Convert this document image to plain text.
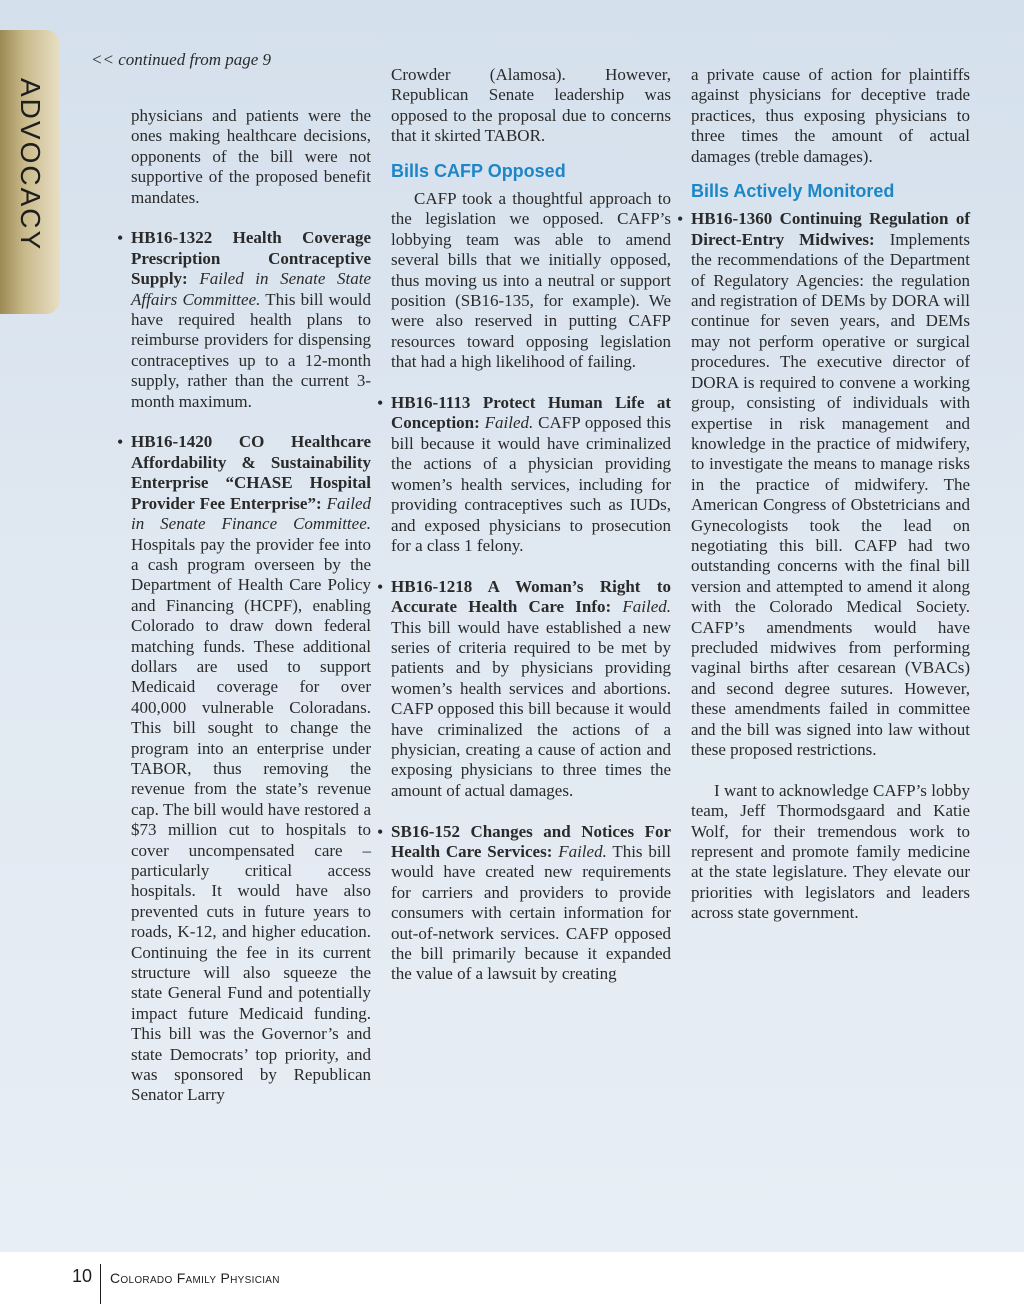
ADVOCACY
<< continued from page 9

physicians and patients were the ones making healthcare decisions, opponents of the bill were not supportive of the proposed benefit mandates.

• HB16-1322 Health Coverage Prescription Contraceptive Supply: Failed in Senate State Affairs Committee. This bill would have required health plans to reimburse providers for dispensing contraceptives up to a 12-month supply, rather than the current 3-month maximum.

• HB16-1420 CO Healthcare Affordability & Sustainability Enterprise “CHASE Hospital Provider Fee Enterprise”: Failed in Senate Finance Committee. Hospitals pay the provider fee into a cash program overseen by the Department of Health Care Policy and Financing (HCPF), enabling Colorado to draw down federal matching funds. These additional dollars are used to support Medicaid coverage for over 400,000 vulnerable Coloradans. This bill sought to change the program into an enterprise under TABOR, thus removing the revenue from the state’s revenue cap. The bill would have restored a $73 million cut to hospitals to cover uncompensated care – particularly critical access hospitals. It would have also prevented cuts in future years to roads, K-12, and higher education. Continuing the fee in its current structure will also squeeze the state General Fund and potentially impact future Medicaid funding. This bill was the Governor’s and state Democrats’ top priority, and was sponsored by Republican Senator Larry

Crowder (Alamosa). However, Republican Senate leadership was opposed to the proposal due to concerns that it skirted TABOR.

Bills CAFP Opposed

CAFP took a thoughtful approach to the legislation we opposed. CAFP’s lobbying team was able to amend several bills that we initially opposed, thus moving us into a neutral or support position (SB16-135, for example). We were also reserved in putting CAFP resources toward opposing legislation that had a high likelihood of failing.

• HB16-1113 Protect Human Life at Conception: Failed. CAFP opposed this bill because it would have criminalized the actions of a physician providing women’s health services, including for providing contraceptives such as IUDs, and exposed physicians to prosecution for a class 1 felony.

• HB16-1218 A Woman’s Right to Accurate Health Care Info: Failed. This bill would have established a new series of criteria required to be met by patients and by physicians providing women’s health services and abortions. CAFP opposed this bill because it would have criminalized the actions of a physician, creating a cause of action and exposing physicians to three times the amount of actual damages.

• SB16-152 Changes and Notices For Health Care Services: Failed. This bill would have created new requirements for carriers and providers to provide consumers with certain information for out-of-network services. CAFP opposed the bill primarily because it expanded the value of a lawsuit by creating

a private cause of action for plaintiffs against physicians for deceptive trade practices, thus exposing physicians to three times the amount of actual damages (treble damages).

Bills Actively Monitored

• HB16-1360 Continuing Regulation of Direct-Entry Midwives: Implements the recommendations of the Department of Regulatory Agencies: the regulation and registration of DEMs by DORA will continue for seven years, and DEMs may not perform operative or surgical procedures. The executive director of DORA is required to convene a working group, consisting of individuals with expertise in risk management and knowledge in the practice of midwifery, to investigate the means to manage risks in the practice of midwifery. The American Congress of Obstetricians and Gynecologists took the lead on negotiating this bill. CAFP had two outstanding concerns with the final bill version and attempted to amend it along with the Colorado Medical Society. CAFP’s amendments would have precluded midwives from performing vaginal births after cesarean (VBACs) and second degree sutures. However, these amendments failed in committee and the bill was signed into law without these proposed restrictions.

I want to acknowledge CAFP’s lobby team, Jeff Thormodsgaard and Katie Wolf, for their tremendous work to represent and promote family medicine at the state legislature. They elevate our priorities with legislators and leaders across state government.

10 Colorado Family Physician
